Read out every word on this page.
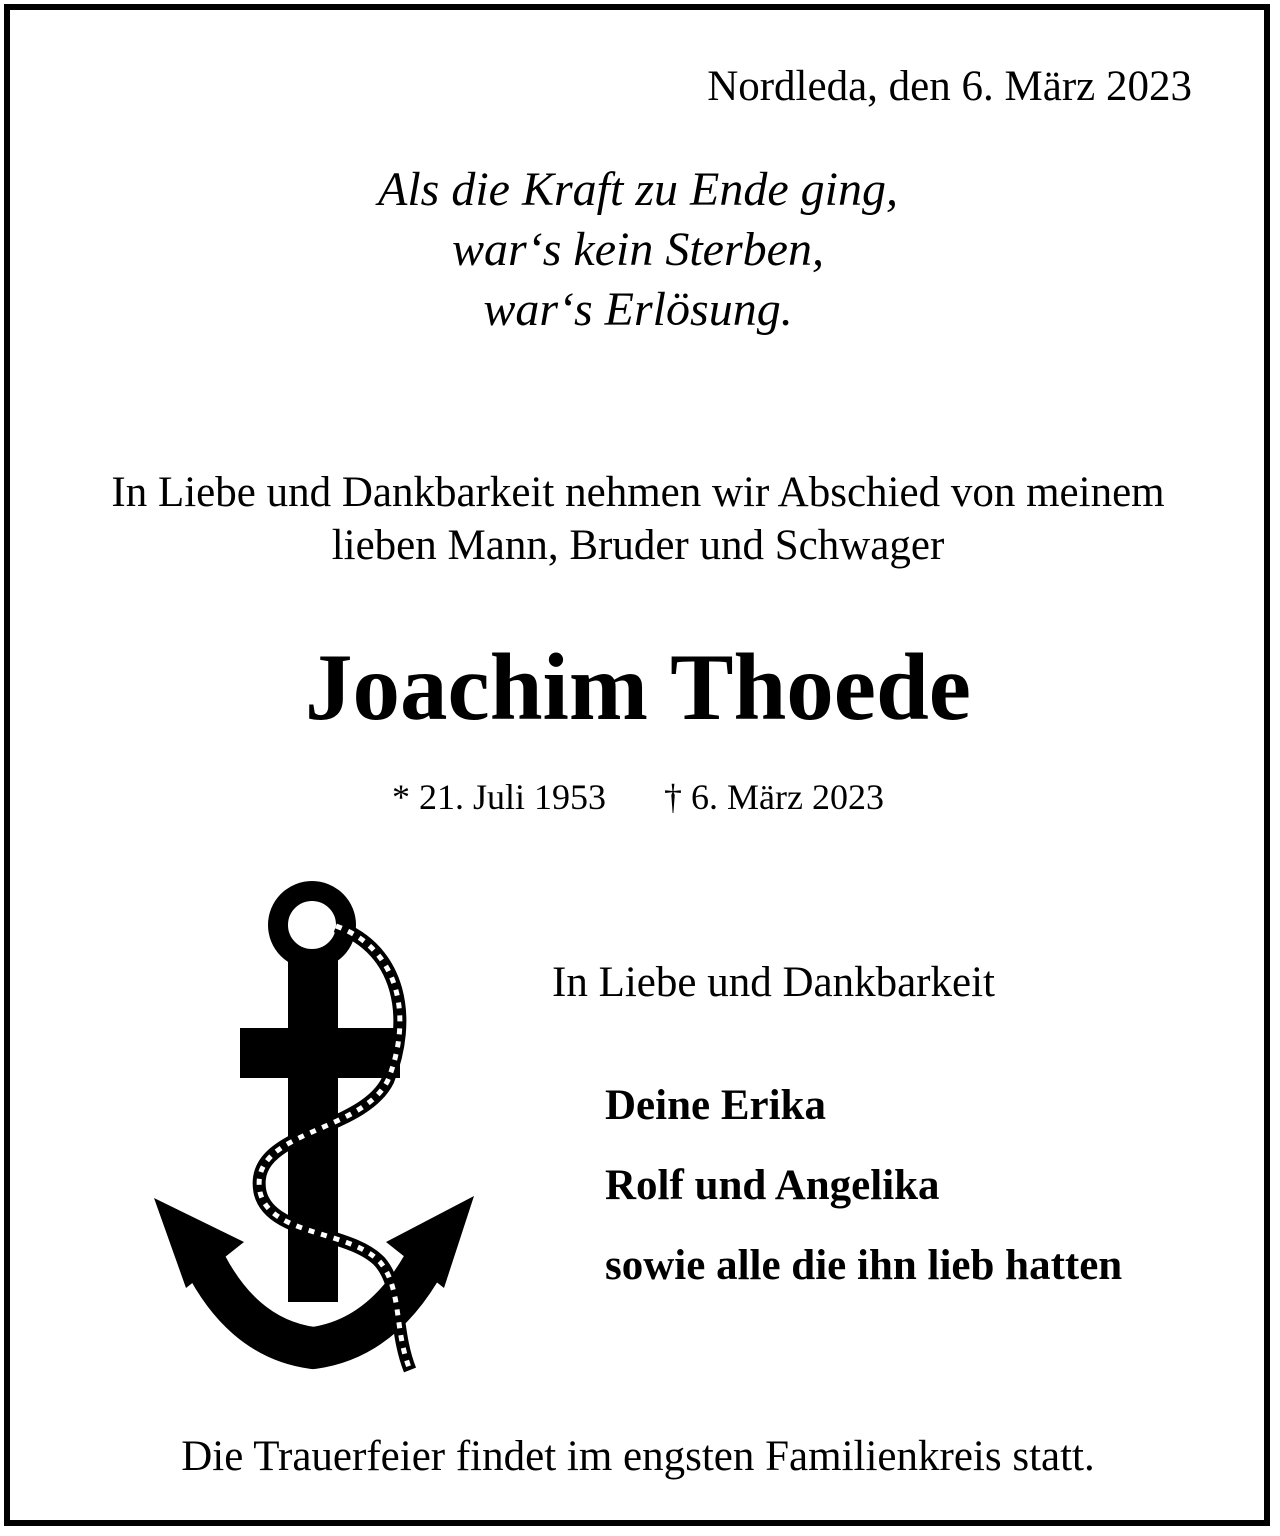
Nordleda, den 6. März 2023
Als die Kraft zu Ende ging,
war‘s kein Sterben,
war‘s Erlösung.
In Liebe und Dankbarkeit nehmen wir Abschied von meinem
lieben Mann, Bruder und Schwager
Joachim Thoede
* 21. Juli 1953 † 6. März 2023
In Liebe und Dankbarkeit
Deine Erika
Rolf und Angelika
sowie alle die ihn lieb hatten
Die Trauerfeier findet im engsten Familienkreis statt.
